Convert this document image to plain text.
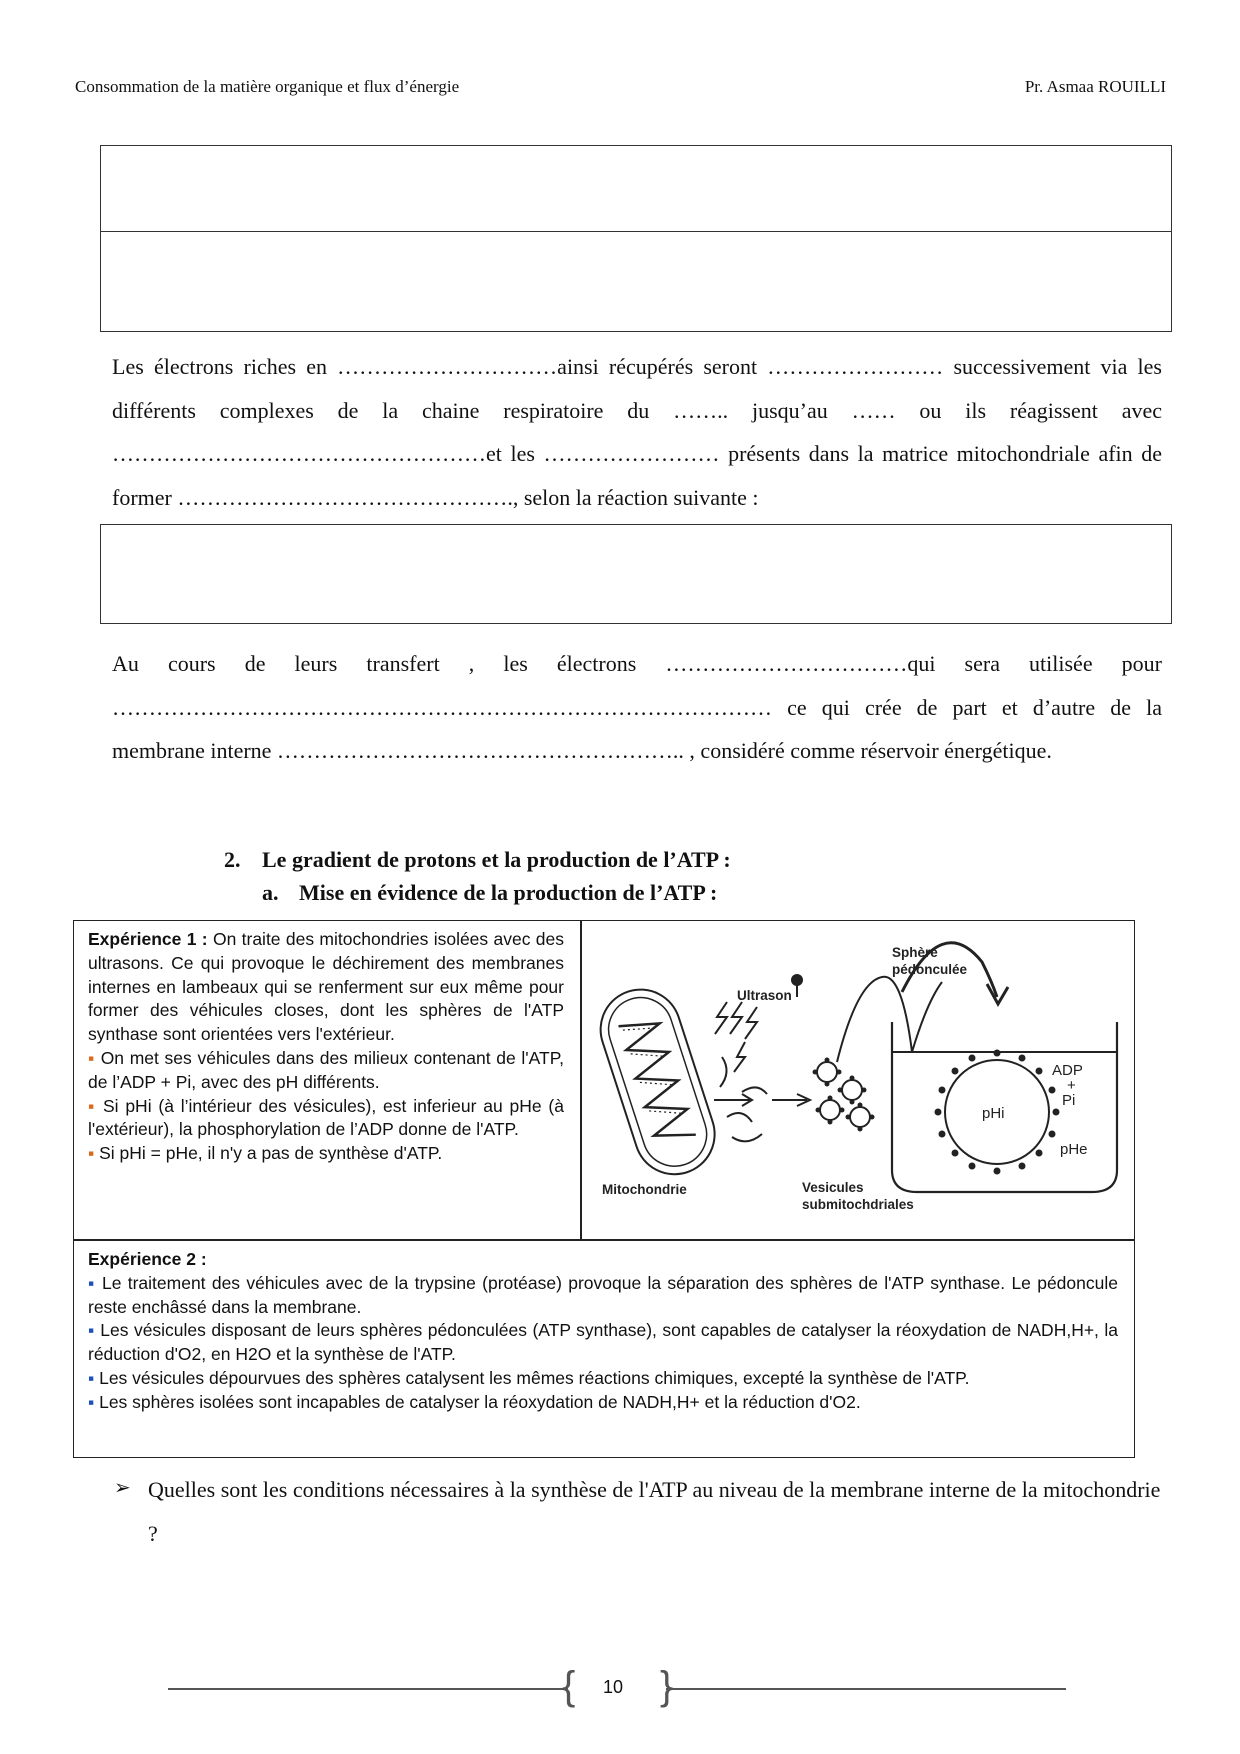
Consommation de la matière organique et flux d’énergie	Pr. Asmaa ROUILLI

Les électrons riches en …………………………ainsi récupérés seront …………………… successivement via les différents complexes de la chaine respiratoire du …….. jusqu’au …… ou ils réagissent avec ……………………………………………et les …………………… présents dans la matrice mitochondriale afin de former ………………………………………., selon la réaction suivante :

Au cours de leurs transfert , les électrons ……………………………qui sera utilisée pour ……………………………………………………………………………… ce qui crée de part et d’autre de la membrane interne ……………………………………………….. , considéré comme réservoir énergétique.

2. Le gradient de protons et la production de l’ATP :
a. Mise en évidence de la production de l’ATP :
Expérience 1 : On traite des mitochondries isolées avec des ultrasons. Ce qui provoque le déchirement des membranes internes en lambeaux qui se renferment sur eux même pour former des véhicules closes, dont les sphères de l'ATP synthase sont orientées vers l'extérieur.
▪ On met ses véhicules dans des milieux contenant de l'ATP, de l’ADP + Pi, avec des pH différents.
▪ Si pHi (à l’intérieur des vésicules), est inferieur au pHe (à l'extérieur), la phosphorylation de l’ADP donne de l'ATP.
▪ Si pHi = pHe, il n'y a pas de synthèse d'ATP.
Sphère
pédonculée
Ultrason
Mitochondrie	Vesicules
submitochdriales
ADP
+
Pi
pHi
pHe
Expérience 2 :
▪ Le traitement des véhicules avec de la trypsine (protéase) provoque la séparation des sphères de l'ATP synthase. Le pédoncule reste enchâssé dans la membrane.
▪ Les vésicules disposant de leurs sphères pédonculées (ATP synthase), sont capables de catalyser la réoxydation de NADH,H+, la réduction d'O2, en H2O et la synthèse de l'ATP.
▪ Les vésicules dépourvues des sphères catalysent les mêmes réactions chimiques, excepté la synthèse de l'ATP.
▪ Les sphères isolées sont incapables de catalyser la réoxydation de NADH,H+ et la réduction d'O2.
➢ Quelles sont les conditions nécessaires à la synthèse de l'ATP au niveau de la membrane interne de la mitochondrie ?

{ }
10
